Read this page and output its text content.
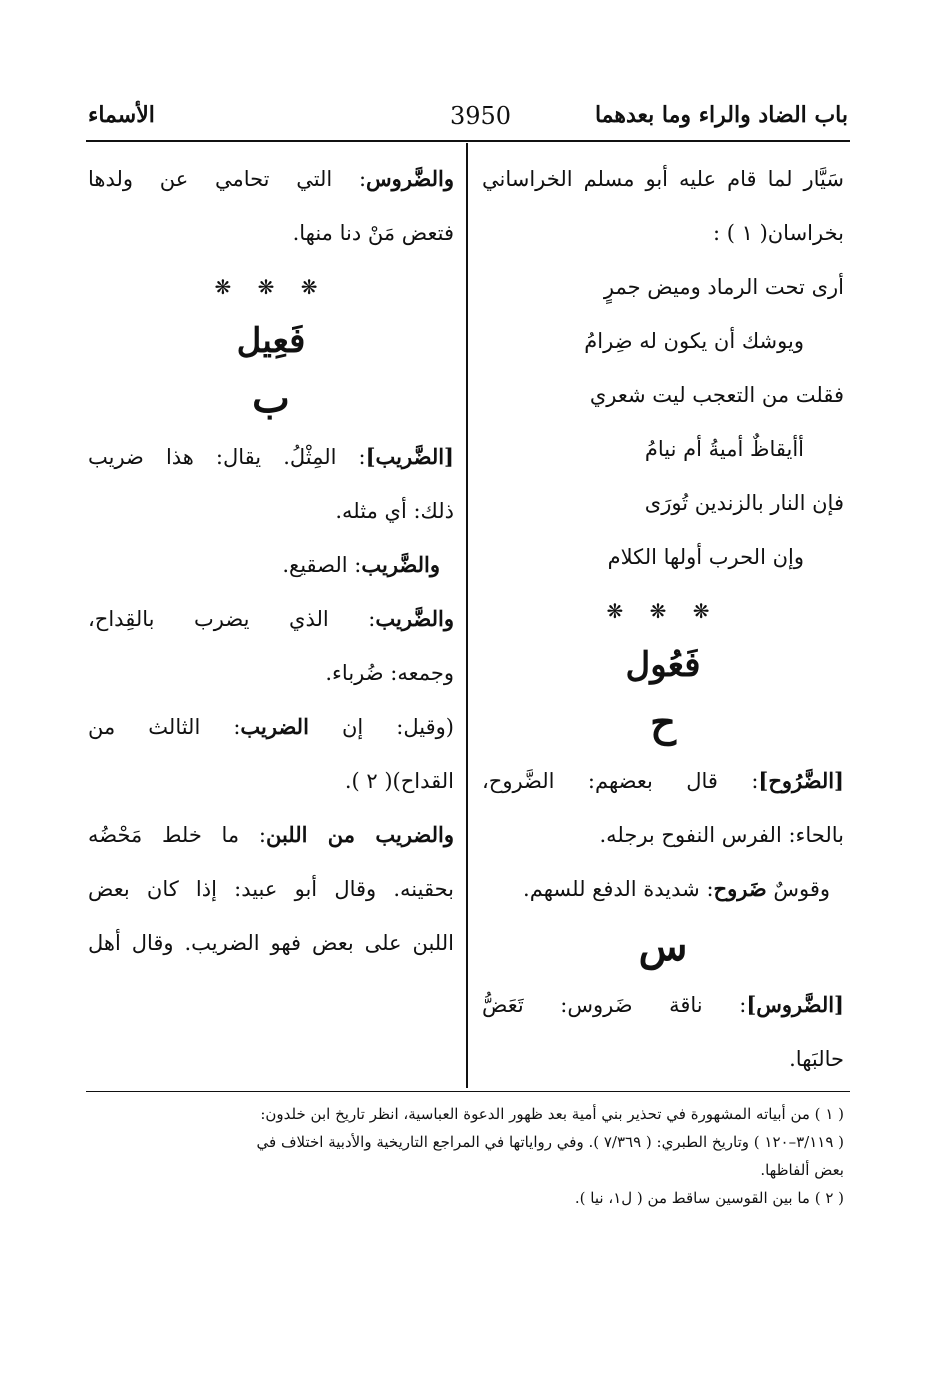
باب الضاد والراء وما بعدهما
3950
الأسماء
سَيَّار لما قام عليه أبو مسلم الخراساني
بخراسان( ١ ) :
أرى تحت الرماد وميض جمرٍ
ويوشك أن يكون له ضِرامُ
فقلت من التعجب ليت شعري
أأيقاظٌ أميةُ أم نيامُ
فإن النار بالزندين تُورَى
وإن الحرب أولها الكلام
❋ ❋ ❋
فَعُول
ح
[الضَّرُوح]: قال بعضهم: الضَّروح،
بالحاء: الفرس النفوح برجله.
وقوسٌ ضَروح: شديدة الدفع للسهم.
س
[الضَّروس]: ناقة ضَروس: تَعَضُّ
حالبَها.
والضَّروس: التي تحامي عن ولدها
فتعض مَنْ دنا منها.
❋ ❋ ❋
فَعِيل
ب
[الضَّريب]: المِثْلُ. يقال: هذا ضريب
ذلك: أي مثله.
والضَّريب: الصقيع.
والضَّريب: الذي يضرب بالقِداح،
وجمعه: ضُرباء.
(وقيل: إن الضريب: الثالث من
القداح)( ٢ ).
والضريب من اللبن: ما خلط مَحْضُه
بحقينه. وقال أبو عبيد: إذا كان بعض
اللبن على بعض فهو الضريب. وقال أهل
( ١ ) من أبياته المشهورة في تحذير بني أمية بعد ظهور الدعوة العباسية، انظر تاريخ ابن خلدون:
( ٣/١١٩–١٢٠ ) وتاريخ الطبري: ( ٧/٣٦٩ ). وفي رواياتها في المراجع التاريخية والأدبية اختلاف في
بعض ألفاظها.
( ٢ ) ما بين القوسين ساقط من ( ل١، نيا ).
